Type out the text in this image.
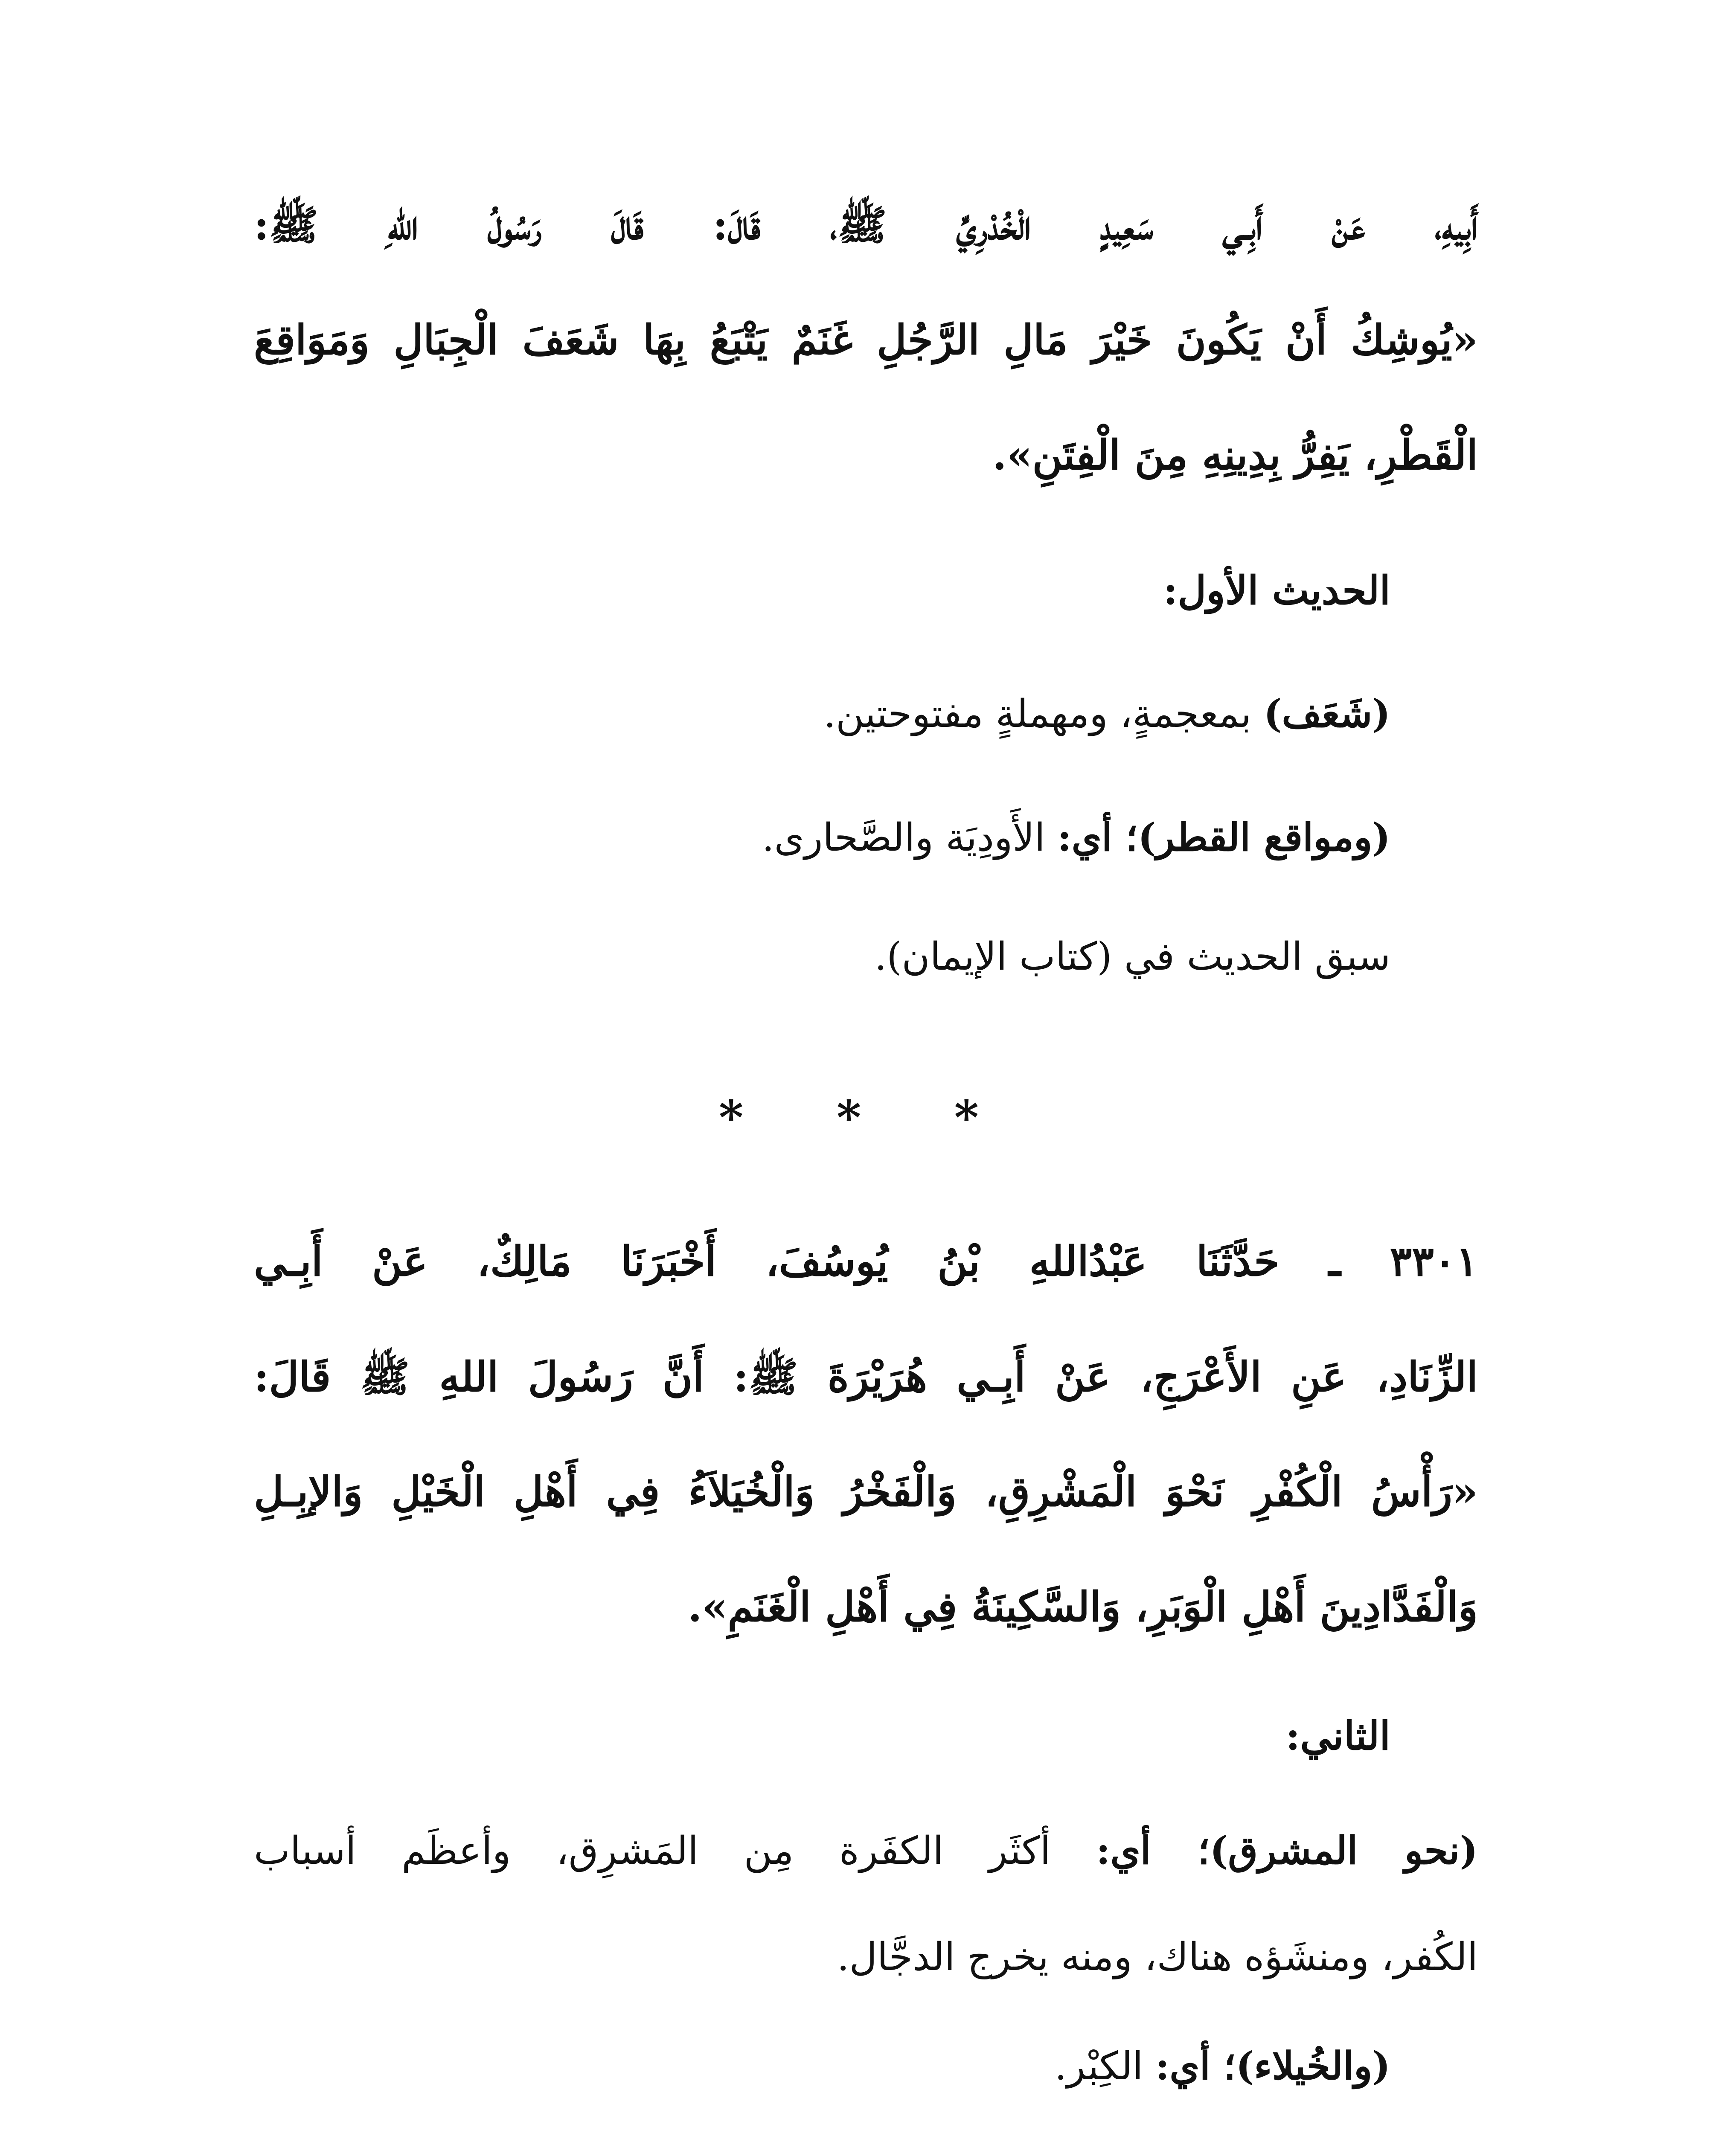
أَبِيهِ، عَنْ أَبِـي سَعِيدٍ الْخُدْرِيِّ ﷺ، قَالَ: قَالَ رَسُولُ اللهِ ﷺ:
«يُوشِكُ أَنْ يَكُونَ خَيْرَ مَالِ الرَّجُلِ غَنَمٌ يَتْبَعُ بِهَا شَعَفَ الْجِبَالِ وَمَوَاقِعَ
الْقَطْرِ، يَفِرُّ بِدِينِهِ مِنَ الْفِتَنِ».
الحديث الأول:
(شَعَف) بمعجمةٍ، ومهملةٍ مفتوحتين.
(ومواقع القطر)؛ أي: الأَودِيَة والصَّحارى.
سبق الحديث في (كتاب الإيمان).
* * *
٣٣٠١ ـ حَدَّثَنَا عَبْدُاللهِ بْنُ يُوسُفَ، أَخْبَرَنَا مَالِكٌ، عَنْ أَبِـي
الزِّنَادِ، عَنِ الأَعْرَجِ، عَنْ أَبِـي هُرَيْرَةَ ﷺ: أَنَّ رَسُولَ اللهِ ﷺ قَالَ:
«رَأْسُ الْكُفْرِ نَحْوَ الْمَشْرِقِ، وَالْفَخْرُ وَالْخُيَلاَءُ فِي أَهْلِ الْخَيْلِ وَالإبِـلِ
وَالْفَدَّادِينَ أَهْلِ الْوَبَرِ، وَالسَّكِينَةُ فِي أَهْلِ الْغَنَمِ».
الثاني:
(نحو المشرق)؛ أي: أكثَر الكفَرة مِن المَشرِق، وأعظَم أسباب
الكُفر، ومنشَؤه هناك، ومنه يخرج الدجَّال.
(والخُيلاء)؛ أي: الكِبْر.
